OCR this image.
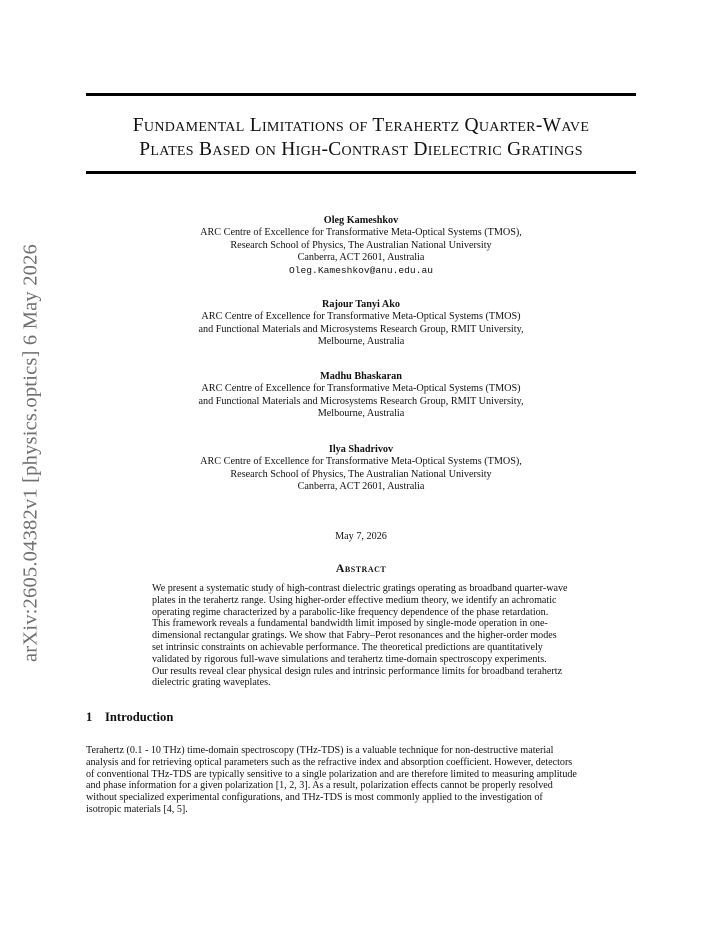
arXiv:2605.04382v1 [physics.optics] 6 May 2026
Fundamental Limitations of Terahertz Quarter-Wave
Plates Based on High-Contrast Dielectric Gratings
Oleg Kameshkov
ARC Centre of Excellence for Transformative Meta-Optical Systems (TMOS),
Research School of Physics, The Australian National University
Canberra, ACT 2601, Australia
Oleg.Kameshkov@anu.edu.au
Rajour Tanyi Ako
ARC Centre of Excellence for Transformative Meta-Optical Systems (TMOS)
and Functional Materials and Microsystems Research Group, RMIT University,
Melbourne, Australia
Madhu Bhaskaran
ARC Centre of Excellence for Transformative Meta-Optical Systems (TMOS)
and Functional Materials and Microsystems Research Group, RMIT University,
Melbourne, Australia
Ilya Shadrivov
ARC Centre of Excellence for Transformative Meta-Optical Systems (TMOS),
Research School of Physics, The Australian National University
Canberra, ACT 2601, Australia
May 7, 2026
Abstract
We present a systematic study of high-contrast dielectric gratings operating as broadband quarter-wave
plates in the terahertz range. Using higher-order effective medium theory, we identify an achromatic
operating regime characterized by a parabolic-like frequency dependence of the phase retardation.
This framework reveals a fundamental bandwidth limit imposed by single-mode operation in one-
dimensional rectangular gratings. We show that Fabry–Perot resonances and the higher-order modes
set intrinsic constraints on achievable performance. The theoretical predictions are quantitatively
validated by rigorous full-wave simulations and terahertz time-domain spectroscopy experiments.
Our results reveal clear physical design rules and intrinsic performance limits for broadband terahertz
dielectric grating waveplates.
1 Introduction
Terahertz (0.1 - 10 THz) time-domain spectroscopy (THz-TDS) is a valuable technique for non-destructive material
analysis and for retrieving optical parameters such as the refractive index and absorption coefficient. However, detectors
of conventional THz-TDS are typically sensitive to a single polarization and are therefore limited to measuring amplitude
and phase information for a given polarization [1, 2, 3]. As a result, polarization effects cannot be properly resolved
without specialized experimental configurations, and THz-TDS is most commonly applied to the investigation of
isotropic materials [4, 5].
